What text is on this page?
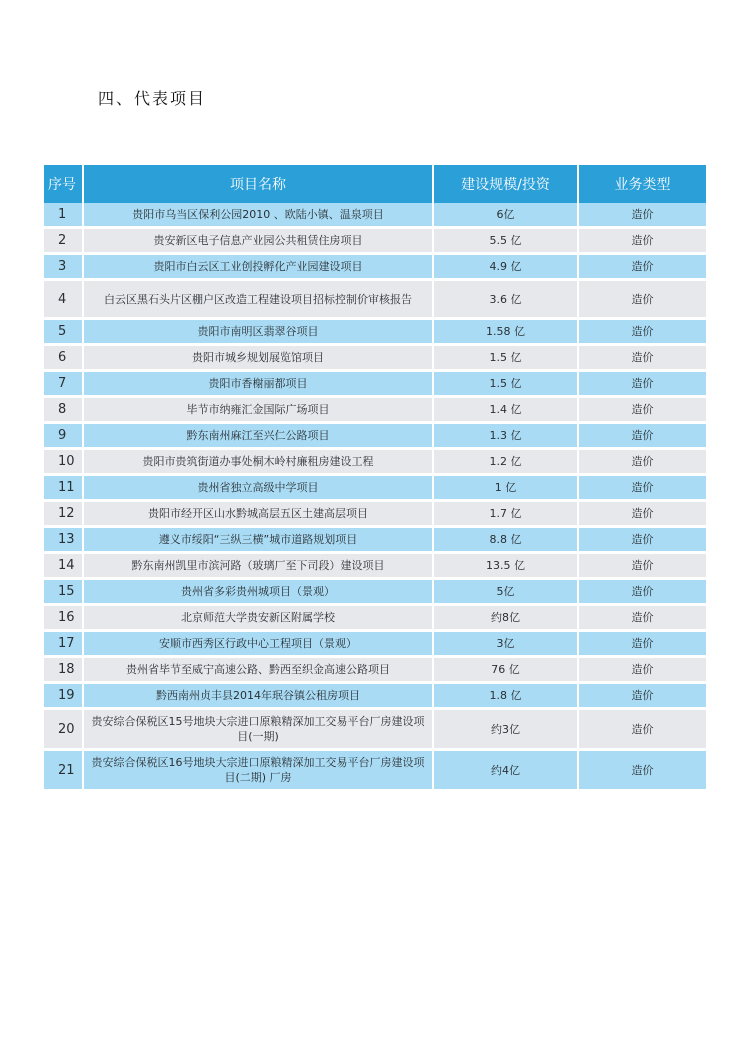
四、代表项目
序号	项目名称	建设规模/投资	业务类型
1	贵阳市乌当区保利公园2010 、欧陆小镇、温泉项目	6亿	造价
2	贵安新区电子信息产业园公共租赁住房项目	5.5 亿	造价
3	贵阳市白云区工业创投孵化产业园建设项目	4.9 亿	造价
4	白云区黑石头片区棚户区改造工程建设项目招标控制价审核报告	3.6 亿	造价
5	贵阳市南明区翡翠谷项目	1.58 亿	造价
6	贵阳市城乡规划展览馆项目	1.5 亿	造价
7	贵阳市香榭丽都项目	1.5 亿	造价
8	毕节市纳雍汇金国际广场项目	1.4 亿	造价
9	黔东南州麻江至兴仁公路项目	1.3 亿	造价
10	贵阳市贵筑街道办事处桐木岭村廉租房建设工程	1.2 亿	造价
11	贵州省独立高级中学项目	1 亿	造价
12	贵阳市经开区山水黔城高层五区土建高层项目	1.7 亿	造价
13	遵义市绥阳“三纵三横”城市道路规划项目	8.8 亿	造价
14	黔东南州凯里市滨河路（玻璃厂至下司段）建设项目	13.5 亿	造价
15	贵州省多彩贵州城项目（景观）	5亿	造价
16	北京师范大学贵安新区附属学校	约8亿	造价
17	安顺市西秀区行政中心工程项目（景观）	3亿	造价
18	贵州省毕节至威宁高速公路、黔西至织金高速公路项目	76 亿	造价
19	黔西南州贞丰县2014年珉谷镇公租房项目	1.8 亿	造价
20	贵安综合保税区15号地块大宗进口原粮精深加工交易平台厂房建设项目(一期)	约3亿	造价
21	贵安综合保税区16号地块大宗进口原粮精深加工交易平台厂房建设项目(二期) 厂房	约4亿	造价
